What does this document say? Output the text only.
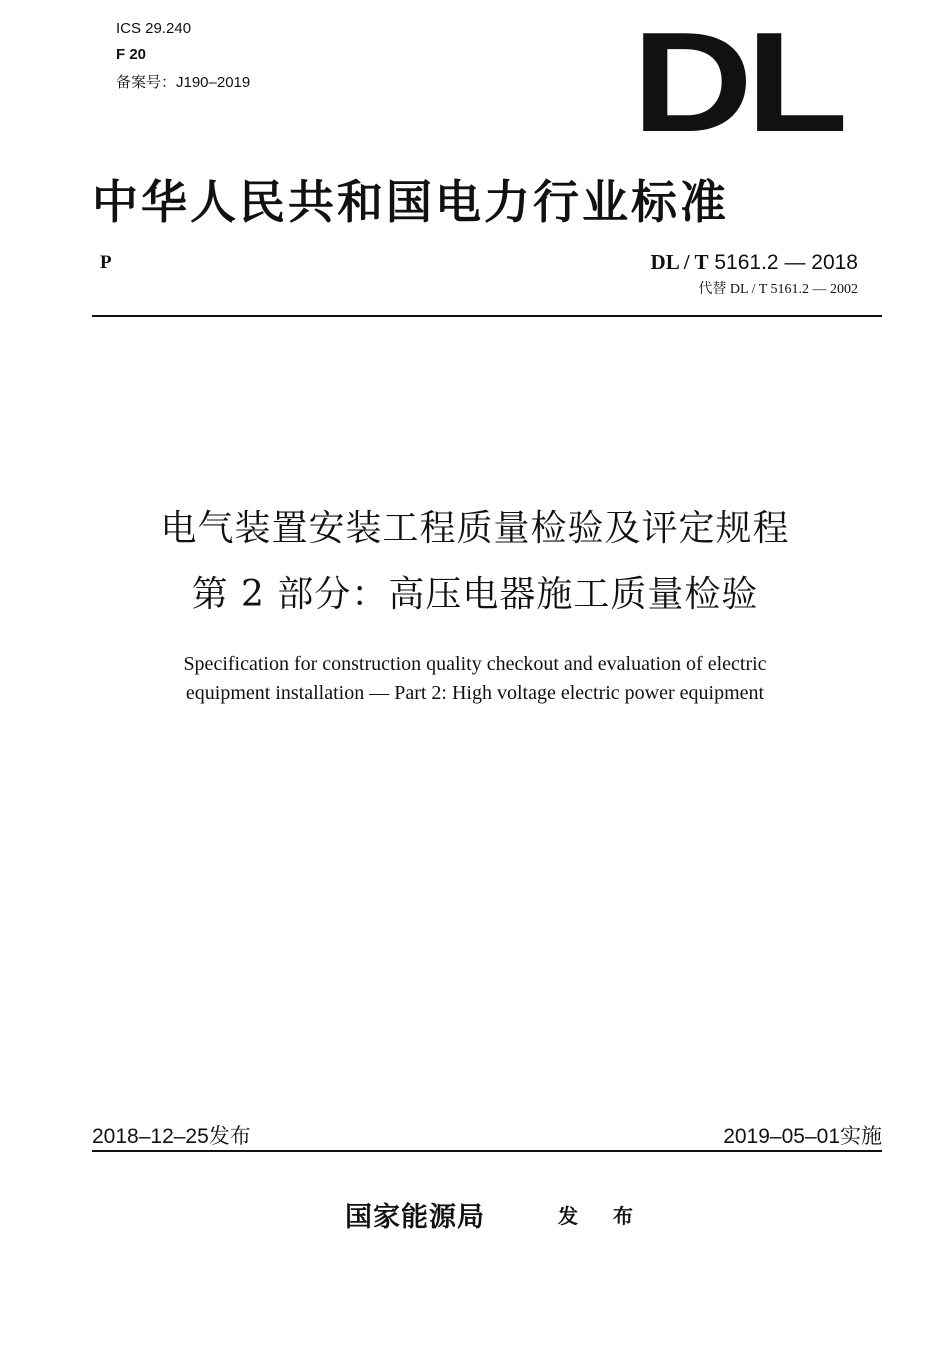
ICS 29.240
F 20
备案号：J190–2019	DL
中华人民共和国电力行业标准
P	DL / T 5161.2 — 2018
代替 DL / T 5161.2 — 2002
电气装置安装工程质量检验及评定规程
第 2 部分：高压电器施工质量检验
Specification for construction quality checkout and evaluation of electric
equipment installation — Part 2: High voltage electric power equipment
2018–12–25发布	2019–05–01实施
国家能源局	发 布
